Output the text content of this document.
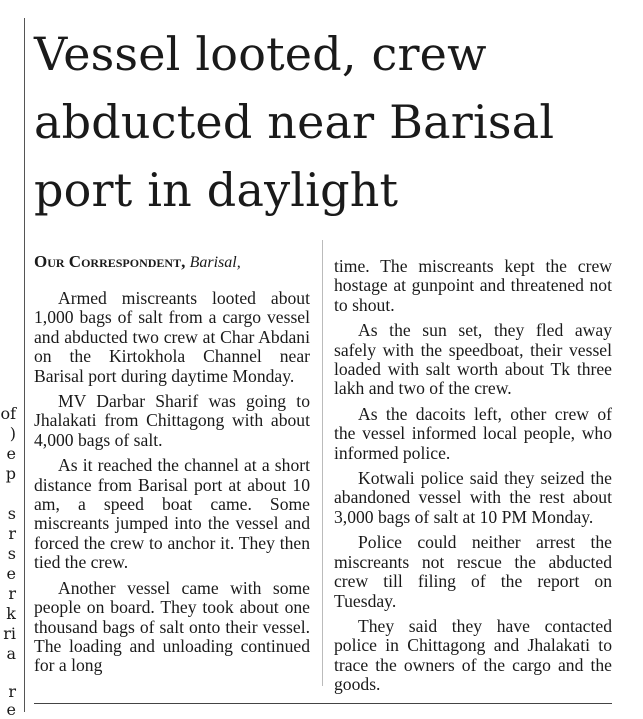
of
)
e
p
s
r
s
e
r
k
ri
a
r
e
Vessel looted, crew abducted near Barisal port in daylight
Our Correspondent, Barisal,

Armed miscreants looted about 1,000 bags of salt from a cargo vessel and abducted two crew at Char Abdani on the Kirtokhola Channel near Barisal port during daytime Monday.

MV Darbar Sharif was going to Jhalakati from Chittagong with about 4,000 bags of salt.

As it reached the channel at a short distance from Barisal port at about 10 am, a speed boat came. Some miscreants jumped into the vessel and forced the crew to anchor it. They then tied the crew.

Another vessel came with some people on board. They took about one thousand bags of salt onto their vessel. The loading and unloading continued for a long

time. The miscreants kept the crew hostage at gunpoint and threatened not to shout.

As the sun set, they fled away safely with the speedboat, their vessel loaded with salt worth about Tk three lakh and two of the crew.

As the dacoits left, other crew of the vessel informed local people, who informed police.

Kotwali police said they seized the abandoned vessel with the rest about 3,000 bags of salt at 10 PM Monday.

Police could neither arrest the miscreants not rescue the abducted crew till filing of the report on Tuesday.

They said they have contacted police in Chittagong and Jhalakati to trace the owners of the cargo and the goods.
